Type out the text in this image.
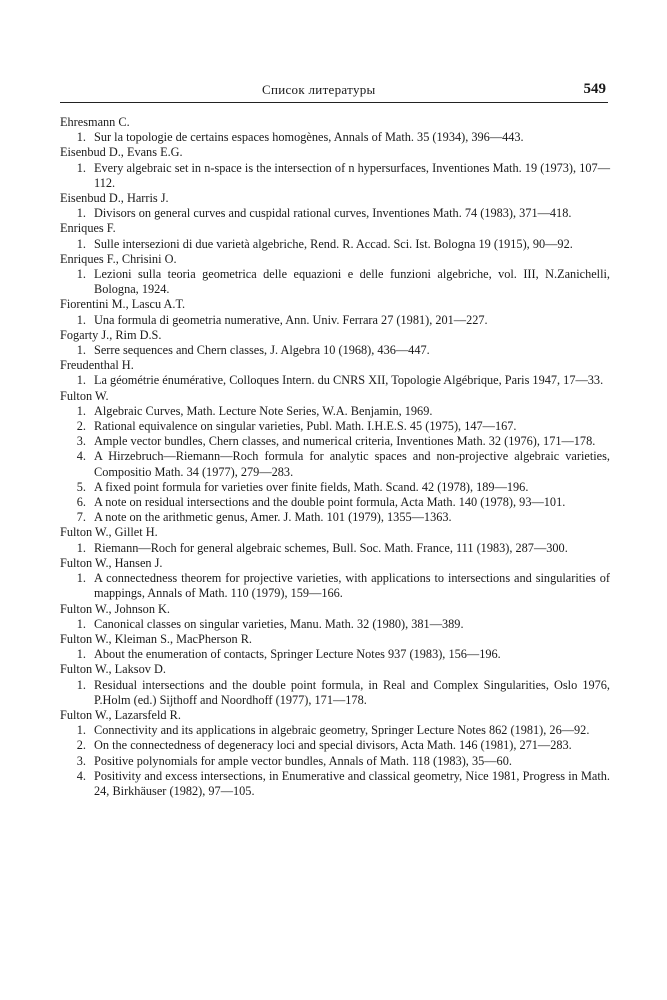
Список литературы	549

Ehresmann C.

1. Sur la topologie de certains espaces homogènes, Annals of Math. 35 (1934), 396—443.

Eisenbud D., Evans E.G.

1. Every algebraic set in n-space is the intersection of n hypersurfaces, Inventiones Math. 19 (1973), 107—112.

Eisenbud D., Harris J.

1. Divisors on general curves and cuspidal rational curves, Inventiones Math. 74 (1983), 371—418.

Enriques F.

1. Sulle intersezioni di due varietà algebriche, Rend. R. Accad. Sci. Ist. Bologna 19 (1915), 90—92.

Enriques F., Chrisini O.

1. Lezioni sulla teoria geometrica delle equazioni e delle funzioni algebriche, vol. III, N.Zanichelli, Bologna, 1924.

Fiorentini M., Lascu A.T.

1. Una formula di geometria numerative, Ann. Univ. Ferrara 27 (1981), 201—227.

Fogarty J., Rim D.S.

1. Serre sequences and Chern classes, J. Algebra 10 (1968), 436—447.

Freudenthal H.

1. La géométrie énumérative, Colloques Intern. du CNRS XII, Topologie Algébrique, Paris 1947, 17—33.

Fulton W.

1. Algebraic Curves, Math. Lecture Note Series, W.A. Benjamin, 1969.
2. Rational equivalence on singular varieties, Publ. Math. I.H.E.S. 45 (1975), 147—167.
3. Ample vector bundles, Chern classes, and numerical criteria, Inventiones Math. 32 (1976), 171—178.
4. A Hirzebruch—Riemann—Roch formula for analytic spaces and non-projective algebraic varieties, Compositio Math. 34 (1977), 279—283.
5. A fixed point formula for varieties over finite fields, Math. Scand. 42 (1978), 189—196.
6. A note on residual intersections and the double point formula, Acta Math. 140 (1978), 93—101.
7. A note on the arithmetic genus, Amer. J. Math. 101 (1979), 1355—1363.

Fulton W., Gillet H.

1. Riemann—Roch for general algebraic schemes, Bull. Soc. Math. France, 111 (1983), 287—300.

Fulton W., Hansen J.

1. A connectedness theorem for projective varieties, with applications to intersections and singularities of mappings, Annals of Math. 110 (1979), 159—166.

Fulton W., Johnson K.

1. Canonical classes on singular varieties, Manu. Math. 32 (1980), 381—389.

Fulton W., Kleiman S., MacPherson R.

1. About the enumeration of contacts, Springer Lecture Notes 937 (1983), 156—196.

Fulton W., Laksov D.

1. Residual intersections and the double point formula, in Real and Complex Singularities, Oslo 1976, P.Holm (ed.) Sijthoff and Noordhoff (1977), 171—178.

Fulton W., Lazarsfeld R.

1. Connectivity and its applications in algebraic geometry, Springer Lecture Notes 862 (1981), 26—92.
2. On the connectedness of degeneracy loci and special divisors, Acta Math. 146 (1981), 271—283.
3. Positive polynomials for ample vector bundles, Annals of Math. 118 (1983), 35—60.
4. Positivity and excess intersections, in Enumerative and classical geometry, Nice 1981, Progress in Math. 24, Birkhäuser (1982), 97—105.
